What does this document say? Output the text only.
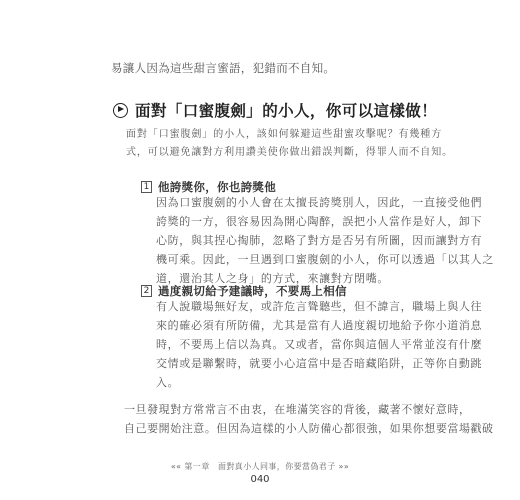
易讓人因為這些甜言蜜語，犯錯而不自知。
面對「口蜜腹劍」的小人，你可以這樣做！
面對「口蜜腹劍」的小人，該如何躲避這些甜蜜攻擊呢？有幾種方
式，可以避免讓對方利用讚美使你做出錯誤判斷，得罪人而不自知。
1 他誇獎你，你也誇獎他
因為口蜜腹劍的小人會在太擅長誇獎別人，因此，一直接受他們
誇獎的一方，很容易因為開心陶醉，誤把小人當作是好人，卸下
心防，與其捏心掏肺，忽略了對方是否另有所圖，因而讓對方有
機可乘。因此，一旦遇到口蜜腹劍的小人，你可以透過「以其人之
道，還治其人之身」的方式，來讓對方閉嘴。
2 過度親切給予建議時，不要馬上相信
有人說職場無好友，或許危言聳聽些，但不諱言，職場上與人往
來的確必須有所防備，尤其是當有人過度親切地給予你小道消息
時，不要馬上信以為真。又或者，當你與這個人平常並沒有什麼
交情或是聯繫時，就要小心這當中是否暗藏陷阱，正等你自動跳
入。
一旦發現對方常常言不由衷，在堆滿笑容的背後，藏著不懷好意時，
自己要開始注意。但因為這樣的小人防備心都很強，如果你想要當場戳破
«« 第一章　面對真小人同事，你要當偽君子 »»
040
